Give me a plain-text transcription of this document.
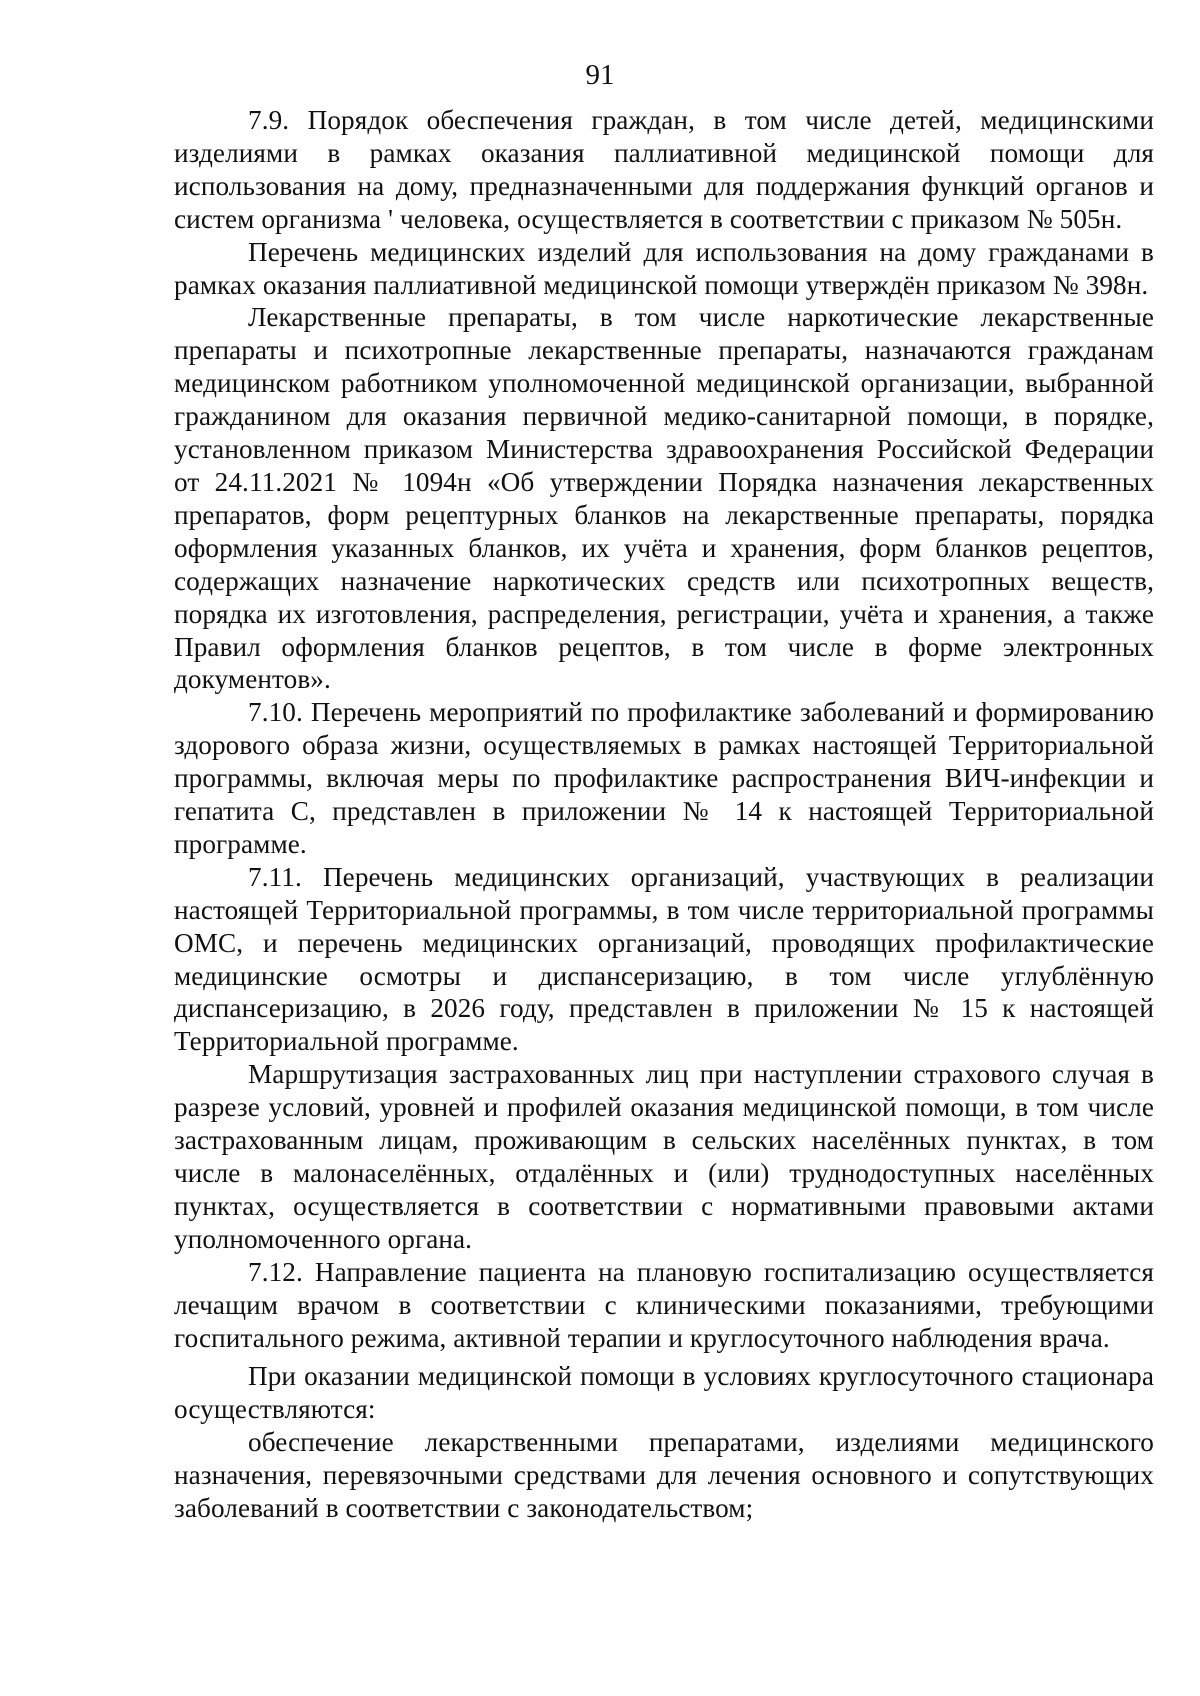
91

7.9. Порядок обеспечения граждан, в том числе детей, медицинскими изделиями в рамках оказания паллиативной медицинской помощи для использования на дому, предназначенными для поддержания функций органов и систем организма ' человека, осуществляется в соответствии с приказом № 505н.

Перечень медицинских изделий для использования на дому гражданами в рамках оказания паллиативной медицинской помощи утверждён приказом № 398н.

Лекарственные препараты, в том числе наркотические лекарственные препараты и психотропные лекарственные препараты, назначаются гражданам медицинском работником уполномоченной медицинской организации, выбранной гражданином для оказания первичной медико-санитарной помощи, в порядке, установленном приказом Министерства здравоохранения Российской Федерации от 24.11.2021 № 1094н «Об утверждении Порядка назначения лекарственных препаратов, форм рецептурных бланков на лекарственные препараты, порядка оформления указанных бланков, их учёта и хранения, форм бланков рецептов, содержащих назначение наркотических средств или психотропных веществ, порядка их изготовления, распределения, регистрации, учёта и хранения, а также Правил оформления бланков рецептов, в том числе в форме электронных документов».

7.10. Перечень мероприятий по профилактике заболеваний и формированию здорового образа жизни, осуществляемых в рамках настоящей Территориальной программы, включая меры по профилактике распространения ВИЧ-инфекции и гепатита С, представлен в приложении № 14 к настоящей Территориальной программе.

7.11. Перечень медицинских организаций, участвующих в реализации настоящей Территориальной программы, в том числе территориальной программы ОМС, и перечень медицинских организаций, проводящих профилактические медицинские осмотры и диспансеризацию, в том числе углублённую диспансеризацию, в 2026 году, представлен в приложении № 15 к настоящей Территориальной программе.

Маршрутизация застрахованных лиц при наступлении страхового случая в разрезе условий, уровней и профилей оказания медицинской помощи, в том числе застрахованным лицам, проживающим в сельских населённых пунктах, в том числе в малонаселённых, отдалённых и (или) труднодоступных населённых пунктах, осуществляется в соответствии с нормативными правовыми актами уполномоченного органа.

7.12. Направление пациента на плановую госпитализацию осуществляется лечащим врачом в соответствии с клиническими показаниями, требующими госпитального режима, активной терапии и круглосуточного наблюдения врача.

При оказании медицинской помощи в условиях круглосуточного стационара осуществляются:

обеспечение лекарственными препаратами, изделиями медицинского назначения, перевязочными средствами для лечения основного и сопутствующих заболеваний в соответствии с законодательством;
